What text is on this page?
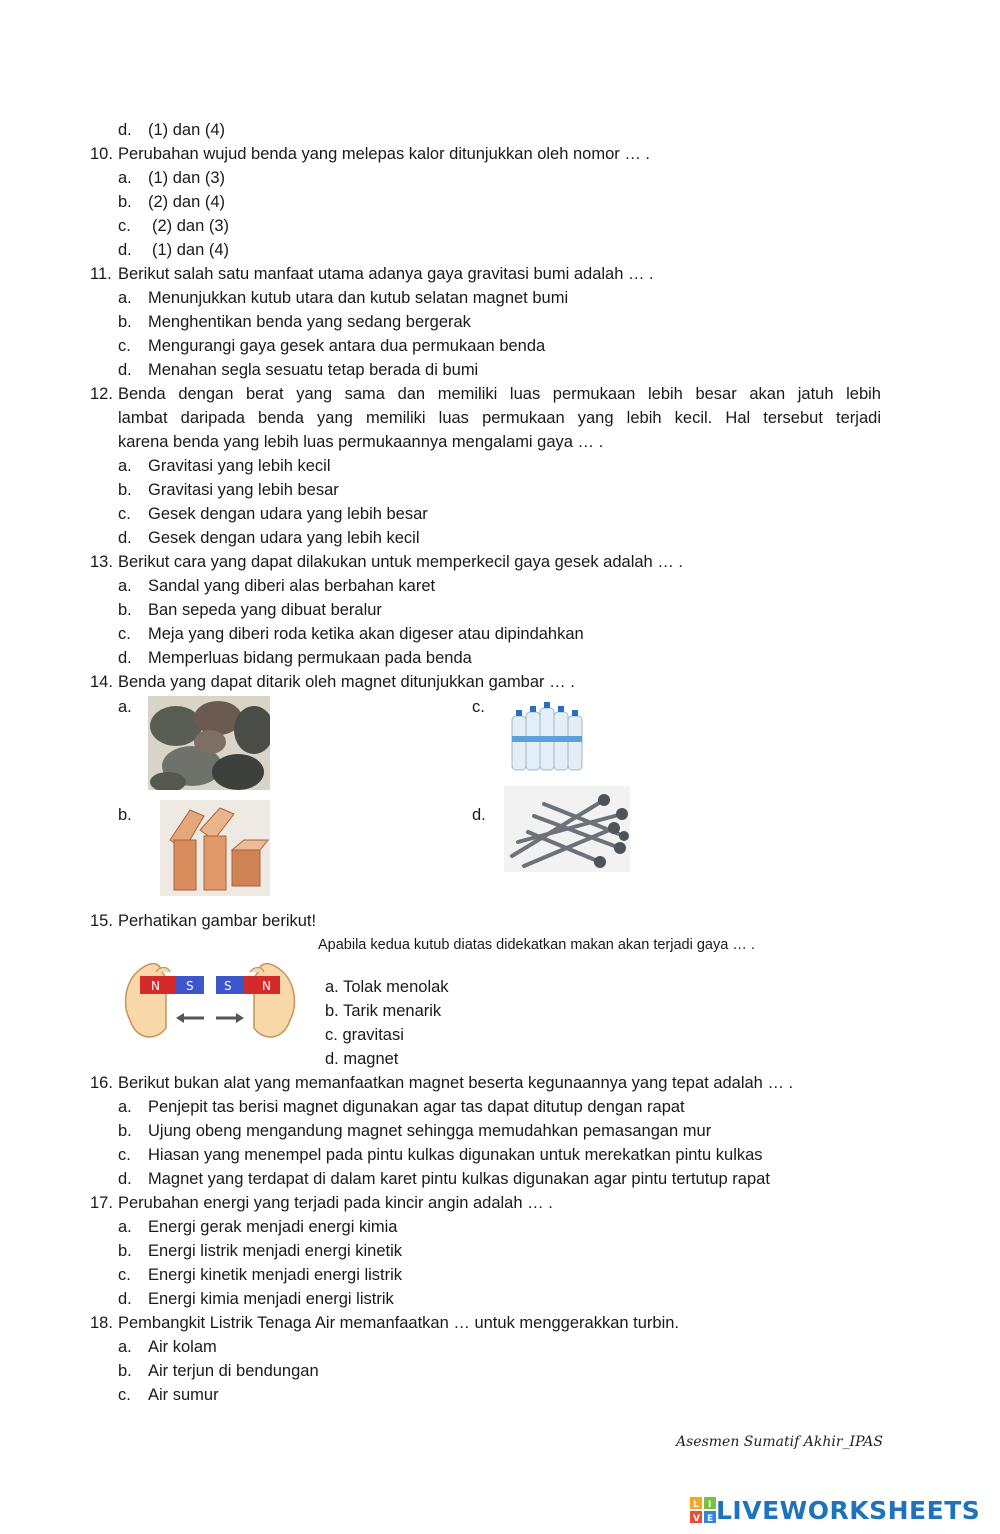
d. (1) dan (4)
10. Perubahan wujud benda yang melepas kalor ditunjukkan oleh nomor … .
a. (1) dan (3)
b. (2) dan (4)
c.	(2) dan (3)
d.	(1) dan (4)
11. Berikut salah satu manfaat utama adanya gaya gravitasi bumi adalah … .
a. Menunjukkan kutub utara dan kutub selatan magnet bumi
b. Menghentikan benda yang sedang bergerak
c.	Mengurangi gaya gesek antara dua permukaan benda
d. Menahan segla sesuatu tetap berada di bumi
12. Benda dengan berat yang sama dan memiliki luas permukaan lebih besar akan jatuh lebih
lambat daripada benda yang memiliki luas permukaan yang lebih kecil. Hal tersebut terjadi
karena benda yang lebih luas permukaannya mengalami gaya … .
a. Gravitasi yang lebih kecil
b. Gravitasi yang lebih besar
c.	Gesek dengan udara yang lebih besar
d. Gesek dengan udara yang lebih kecil
13. Berikut cara yang dapat dilakukan untuk memperkecil gaya gesek adalah … .
a. Sandal yang diberi alas berbahan karet
b. Ban sepeda yang dibuat beralur
c.	Meja yang diberi roda ketika akan digeser atau dipindahkan
d. Memperluas bidang permukaan pada benda
14. Benda yang dapat ditarik oleh magnet ditunjukkan gambar … .
a.	c.
b.	d.
15. Perhatikan gambar berikut!
Apabila kedua kutub diatas didekatkan makan akan terjadi gaya … .
N S	S	N	a. Tolak menolak
b. Tarik menarik
c. gravitasi
d. magnet
16. Berikut bukan alat yang memanfaatkan magnet beserta kegunaannya yang tepat adalah … .
a. Penjepit tas berisi magnet digunakan agar tas dapat ditutup dengan rapat
b. Ujung obeng mengandung magnet sehingga memudahkan pemasangan mur
c.	Hiasan yang menempel pada pintu kulkas digunakan untuk merekatkan pintu kulkas
d. Magnet yang terdapat di dalam karet pintu kulkas digunakan agar pintu tertutup rapat
17. Perubahan energi yang terjadi pada kincir angin adalah … .
a. Energi gerak menjadi energi kimia
b. Energi listrik menjadi energi kinetik
c.	Energi kinetik menjadi energi listrik
d. Energi kimia menjadi energi listrik
18. Pembangkit Listrik Tenaga Air memanfaatkan … untuk menggerakkan turbin.
a. Air kolam
b. Air terjun di bendungan
c.	Air sumur
Asesmen Sumatif Akhir_IPAS
L I
V E LIVEWORKSHEETS
